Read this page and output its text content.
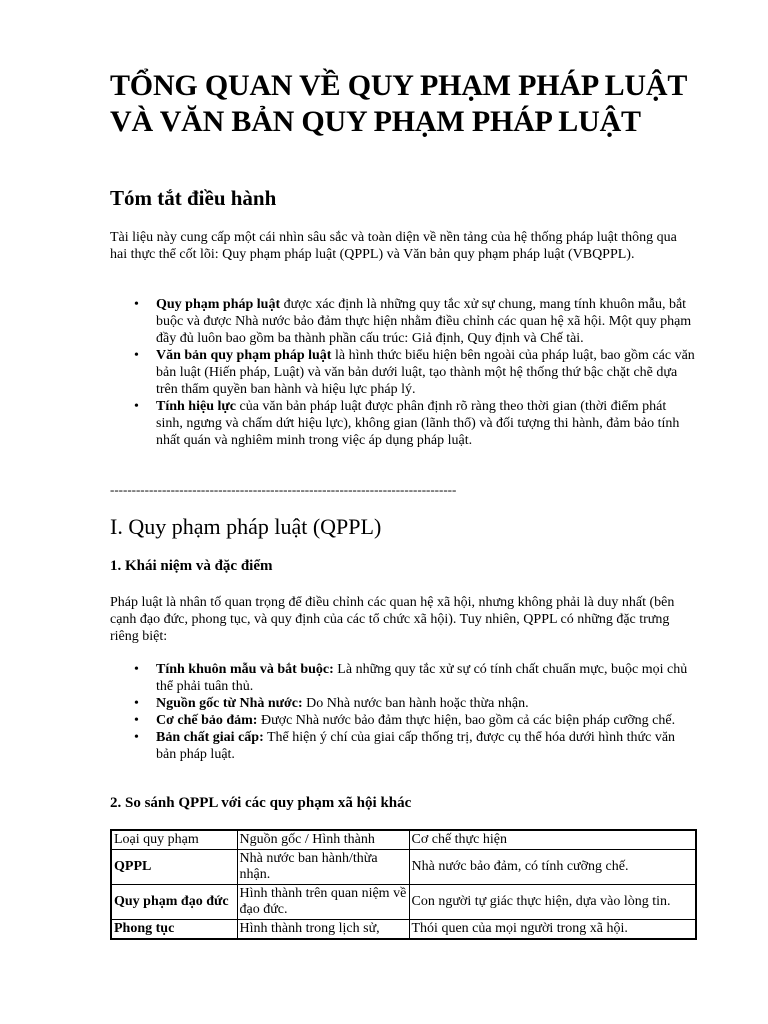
TỔNG QUAN VỀ QUY PHẠM PHÁP LUẬT VÀ VĂN BẢN QUY PHẠM PHÁP LUẬT
Tóm tắt điều hành

Tài liệu này cung cấp một cái nhìn sâu sắc và toàn diện về nền tảng của hệ thống pháp luật thông qua hai thực thể cốt lõi: Quy phạm pháp luật (QPPL) và Văn bản quy phạm pháp luật (VBQPPL).

• Quy phạm pháp luật được xác định là những quy tắc xử sự chung, mang tính khuôn mẫu, bắt buộc và được Nhà nước bảo đảm thực hiện nhằm điều chỉnh các quan hệ xã hội. Một quy phạm đầy đủ luôn bao gồm ba thành phần cấu trúc: Giả định, Quy định và Chế tài.
• Văn bản quy phạm pháp luật là hình thức biểu hiện bên ngoài của pháp luật, bao gồm các văn bản luật (Hiến pháp, Luật) và văn bản dưới luật, tạo thành một hệ thống thứ bậc chặt chẽ dựa trên thẩm quyền ban hành và hiệu lực pháp lý.
• Tính hiệu lực của văn bản pháp luật được phân định rõ ràng theo thời gian (thời điểm phát sinh, ngưng và chấm dứt hiệu lực), không gian (lãnh thổ) và đối tượng thi hành, đảm bảo tính nhất quán và nghiêm minh trong việc áp dụng pháp luật.
--------------------------------------------------------------------------------
I. Quy phạm pháp luật (QPPL)
1. Khái niệm và đặc điểm

Pháp luật là nhân tố quan trọng để điều chỉnh các quan hệ xã hội, nhưng không phải là duy nhất (bên cạnh đạo đức, phong tục, và quy định của các tổ chức xã hội). Tuy nhiên, QPPL có những đặc trưng riêng biệt:

• Tính khuôn mẫu và bắt buộc: Là những quy tắc xử sự có tính chất chuẩn mực, buộc mọi chủ thể phải tuân thủ.
• Nguồn gốc từ Nhà nước: Do Nhà nước ban hành hoặc thừa nhận.
• Cơ chế bảo đảm: Được Nhà nước bảo đảm thực hiện, bao gồm cả các biện pháp cưỡng chế.
• Bản chất giai cấp: Thể hiện ý chí của giai cấp thống trị, được cụ thể hóa dưới hình thức văn bản pháp luật.
2. So sánh QPPL với các quy phạm xã hội khác
Loại quy phạm	Nguồn gốc / Hình thành	Cơ chế thực hiện
QPPL	Nhà nước ban hành/thừa nhận.	Nhà nước bảo đảm, có tính cưỡng chế.
Quy phạm đạo đức	Hình thành trên quan niệm về đạo đức.	Con người tự giác thực hiện, dựa vào lòng tin.
Phong tục	Hình thành trong lịch sử,	Thói quen của mọi người trong xã hội.
